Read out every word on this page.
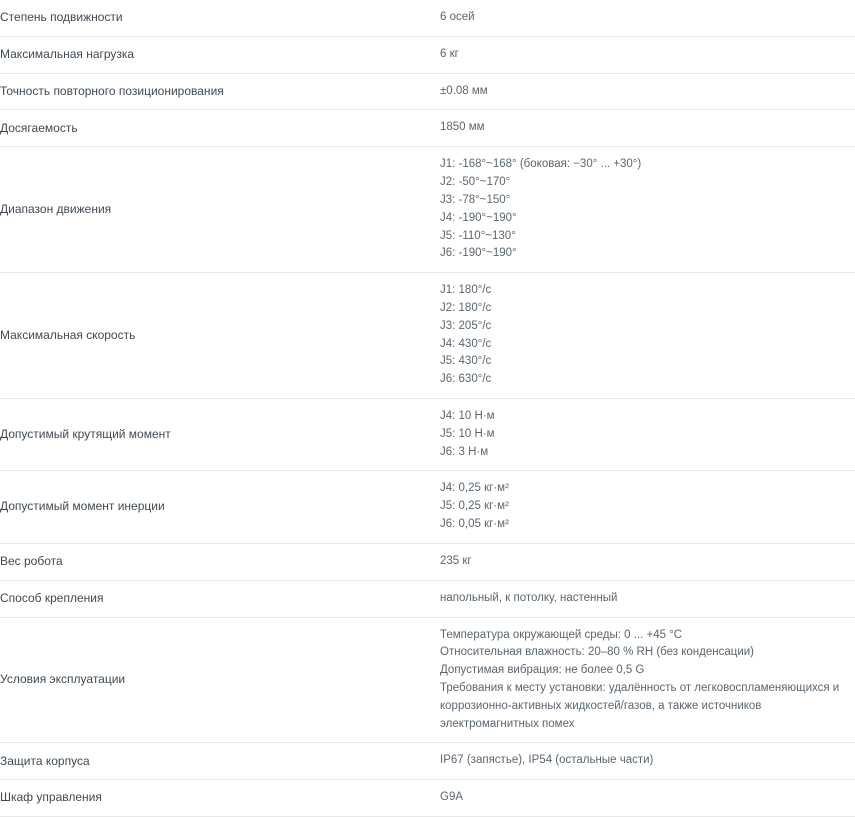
Степень подвижности	6 осей

Максимальная нагрузка	6 кг

Точность повторного позиционирования	±0.08 мм

Досягаемость	1850 мм

Диапазон движения	
J1: -168°~168° (боковая: −30° ... +30°)
J2: -50°~170°
J3: -78°~150°
J4: -190°~190°
J5: -110°~130°
J6: -190°~190°

Максимальная скорость	
J1: 180°/с
J2: 180°/с
J3: 205°/с
J4: 430°/с
J5: 430°/с
J6: 630°/с

Допустимый крутящий момент	J4: 10 Н·м
J5: 10 Н·м
J6: 3 Н·м

Допустимый момент инерции	J4: 0,25 кг·м²
J5: 0,25 кг·м²
J6: 0,05 кг·м²

Вес робота	235 кг

Способ крепления	напольный, к потолку, настенный

Условия эксплуатации	Температура окружающей среды: 0 ... +45 °С
Относительная влажность: 20–80 % RH (без конденсации)
Допустимая вибрация: не более 0,5 G
Требования к месту установки: удалённость от легковоспламеняющихся и коррозионно-активных жидкостей/газов, а также источников электромагнитных помех

Защита корпуса	IP67 (запястье), IP54 (остальные части)

Шкаф управления	G9A
